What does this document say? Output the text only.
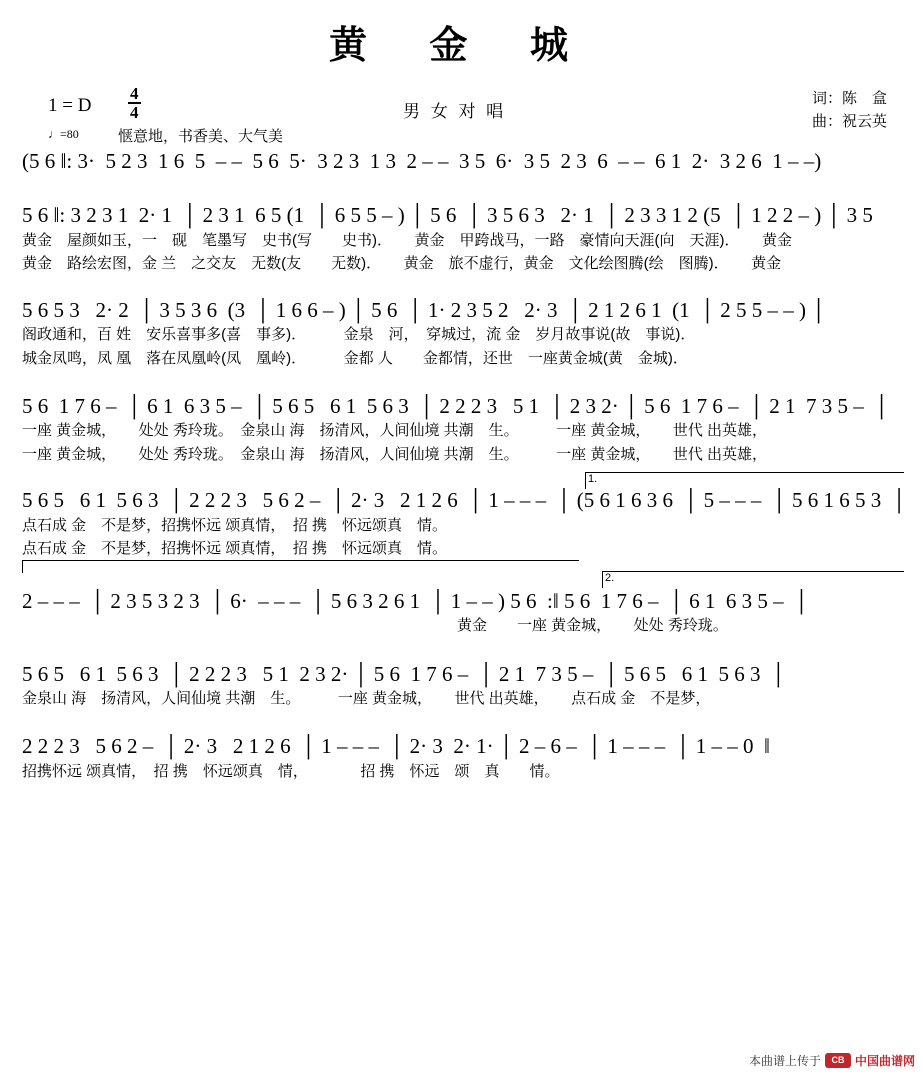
黄 金 城
1 = D $\frac{4}{4}$	男 女 对 唱
词：陈　盒
曲：祝云英
♩=80	惬意地，书香美、大气美
(5 6 ‖: 3·  5 2 3  1 6  5  – –  5 6  5·  3 2 3  1 3  2 – –  3 5  6·  3 5  2 3  6  – –  6 1  2·  3 2 6  1 – –)
5 6 ‖: 3 2 3 1  2· 1  │ 2 3 1  6 5 (1  │ 6 5 5 – ) │ 5 6  │ 3 5 6 3   2· 1  │ 2 3 3 1 2 (5  │ 1 2 2 – ) │ 3 5
黄金　屋颜如玉，一　砚　笔墨写　史书(写　　史书)．　　黄金　甲跨战马，一路　豪情向天涯(向　天涯)．　　黄金
黄金　路绘宏图，金 兰　之交友　无数(友　　无数)．　　黄金　旅不虚行，黄金　文化绘图腾(绘　图腾)．　　黄金
5 6 5 3   2· 2  │ 3 5 3 6  (3  │ 1 6 6 – ) │ 5 6  │ 1· 2 3 5 2   2· 3  │ 2 1 2 6 1  (1  │ 2 5 5 – – ) │
阁政通和，百 姓　安乐喜事多(喜　事多)．　　　金泉　河，　穿城过，流 金　岁月故事说(故　事说)．
城金凤鸣，凤 凰　落在凤凰岭(凤　凰岭)．　　　金都 人　　金都情，还世　一座黄金城(黄　金城)．
5 6  1 7 6 –  │ 6 1  6 3 5 –  │ 5 6 5   6 1  5 6 3  │ 2 2 2 3   5 1  │ 2 3 2· │ 5 6  1 7 6 –  │ 2 1  7 3 5 –  │
一座 黄金城，　　处处 秀玲珑。　金泉山 海　扬清风，人间仙境 共潮　生。　　　一座 黄金城，　　世代 出英雄，
一座 黄金城，　　处处 秀玲珑。　金泉山 海　扬清风，人间仙境 共潮　生。　　　一座 黄金城，　　世代 出英雄，
1.
5 6 5   6 1  5 6 3  │ 2 2 2 3   5 6 2 –  │ 2· 3   2 1 2 6  │ 1 – – –  │ (5 6 1 6 3 6  │ 5 – – –  │ 5 6 1 6 5 3  │
点石成 金　不是梦，招携怀远 颂真情，　招 携　怀远颂真　情。
点石成 金　不是梦，招携怀远 颂真情，　招 携　怀远颂真　情。
2.
2 – – –  │ 2 3 5 3 2 3  │ 6·  – – –  │ 5 6 3 2 6 1  │ 1 – – ) 5 6  :‖ 5 6  1 7 6 –  │ 6 1  6 3 5 –  │
　　　　　　　　　　　　　　　　　　　　　　　　　　　　　黄金　　一座 黄金城，　　处处 秀玲珑。
5 6 5   6 1  5 6 3  │ 2 2 2 3   5 1  2 3 2· │ 5 6  1 7 6 –  │ 2 1  7 3 5 –  │ 5 6 5   6 1  5 6 3  │
金泉山 海　扬清风，人间仙境 共潮　生。　　　一座 黄金城，　　世代 出英雄，　　点石成 金　不是梦，
2 2 2 3   5 6 2 –  │ 2· 3   2 1 2 6  │ 1 – – –  │ 2· 3  2· 1· │ 2 – 6 –  │ 1 – – –  │ 1 – – 0  ‖
招携怀远 颂真情，　招 携　怀远颂真　情，　　　　招 携　怀远　颂　真　　情。
本曲谱上传于	CB 中国曲谱网
